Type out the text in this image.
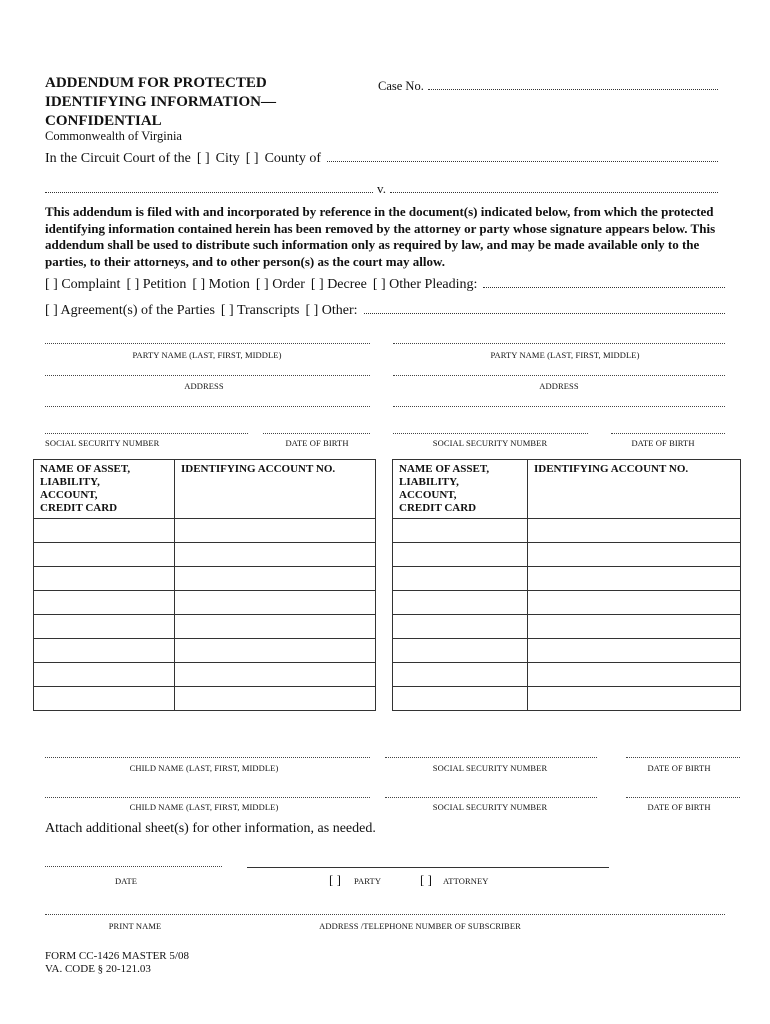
ADDENDUM FOR PROTECTED
IDENTIFYING INFORMATION—
CONFIDENTIAL
Commonwealth of Virginia
Case No.
In the Circuit Court of the [ ] City [ ] County of
v.
This addendum is filed with and incorporated by reference in the document(s) indicated below, from which the protected identifying information contained herein has been removed by the attorney or party whose signature appears below. This addendum shall be used to distribute such information only as required by law, and may be made available only to the parties, to their attorneys, and to other person(s) as the court may allow.
[ ] Complaint [ ] Petition [ ] Motion [ ] Order [ ] Decree [ ] Other Pleading:
[ ] Agreement(s) of the Parties [ ] Transcripts [ ] Other:
PARTY NAME (LAST, FIRST, MIDDLE)
ADDRESS
SOCIAL SECURITY NUMBER	DATE OF BIRTH
PARTY NAME (LAST, FIRST, MIDDLE)
ADDRESS
SOCIAL SECURITY NUMBER	DATE OF BIRTH
NAME OF ASSET,
LIABILITY,
ACCOUNT,
CREDIT CARD	IDENTIFYING ACCOUNT NO.

		NAME OF ASSET,
LIABILITY,
ACCOUNT,
CREDIT CARD	IDENTIFYING ACCOUNT NO.

CHILD NAME (LAST, FIRST, MIDDLE)	SOCIAL SECURITY NUMBER	DATE OF BIRTH
CHILD NAME (LAST, FIRST, MIDDLE)	SOCIAL SECURITY NUMBER	DATE OF BIRTH
Attach additional sheet(s) for other information, as needed.
DATE	[ ] PARTY	[ ] ATTORNEY
PRINT NAME	ADDRESS /TELEPHONE NUMBER OF SUBSCRIBER
FORM CC-1426 MASTER 5/08
VA. CODE § 20-121.03
